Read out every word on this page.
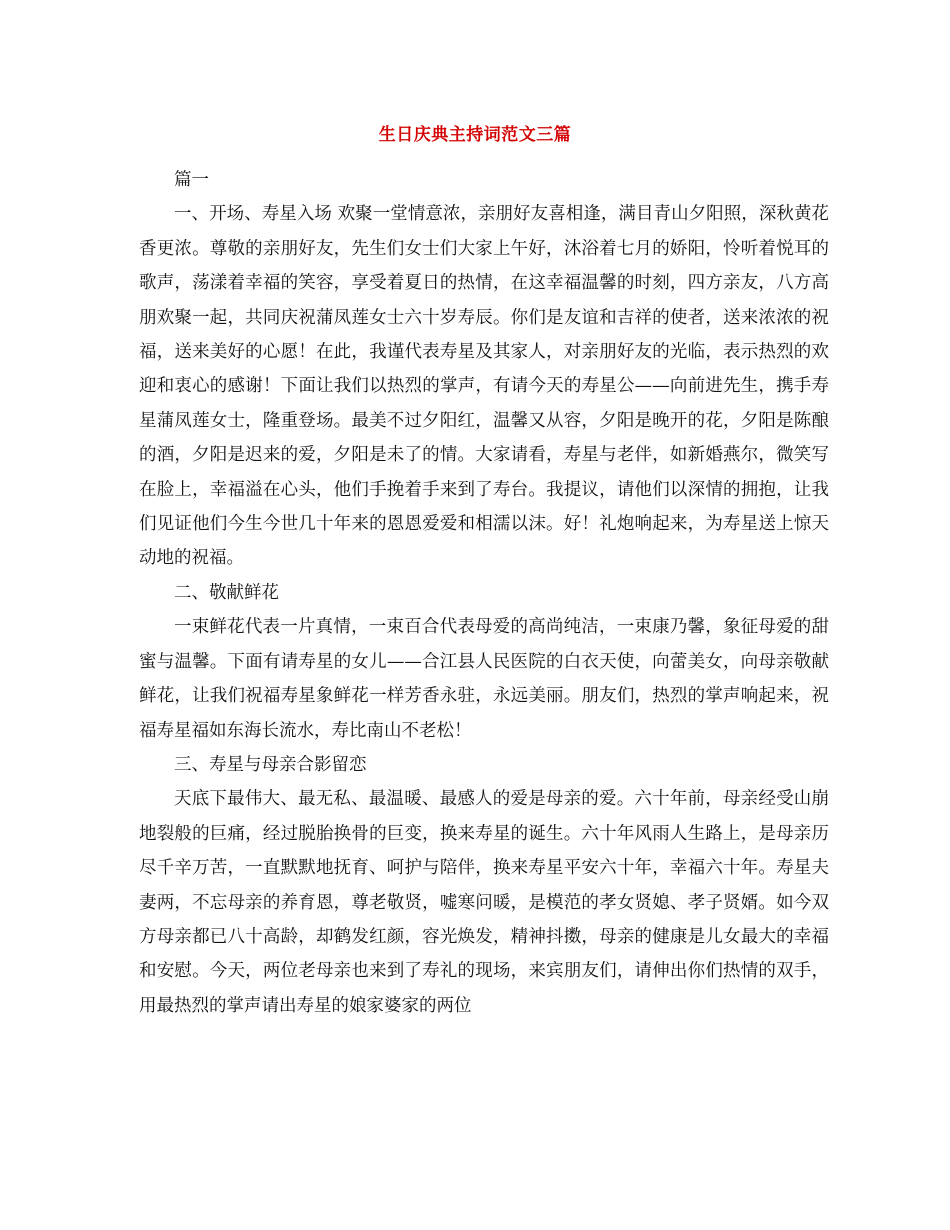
生日庆典主持词范文三篇

篇一

一、开场、寿星入场 欢聚一堂情意浓，亲朋好友喜相逢，满目青山夕阳照，深秋黄花香更浓。尊敬的亲朋好友，先生们女士们大家上午好，沐浴着七月的娇阳，怜听着悦耳的歌声，荡漾着幸福的笑容，享受着夏日的热情，在这幸福温馨的时刻，四方亲友，八方高朋欢聚一起，共同庆祝蒲凤莲女士六十岁寿辰。你们是友谊和吉祥的使者，送来浓浓的祝福，送来美好的心愿！在此，我谨代表寿星及其家人，对亲朋好友的光临，表示热烈的欢迎和衷心的感谢！下面让我们以热烈的掌声，有请今天的寿星公——向前进先生，携手寿星蒲凤莲女士，隆重登场。最美不过夕阳红，温馨又从容，夕阳是晚开的花，夕阳是陈酿的酒，夕阳是迟来的爱，夕阳是未了的情。大家请看，寿星与老伴，如新婚燕尔，微笑写在脸上，幸福溢在心头，他们手挽着手来到了寿台。我提议，请他们以深情的拥抱，让我们见证他们今生今世几十年来的恩恩爱爱和相濡以沫。好！礼炮响起来，为寿星送上惊天动地的祝福。

二、敬献鲜花

一束鲜花代表一片真情，一束百合代表母爱的高尚纯洁，一束康乃馨，象征母爱的甜蜜与温馨。下面有请寿星的女儿——合江县人民医院的白衣天使，向蕾美女，向母亲敬献鲜花，让我们祝福寿星象鲜花一样芳香永驻，永远美丽。朋友们，热烈的掌声响起来，祝福寿星福如东海长流水，寿比南山不老松！

三、寿星与母亲合影留恋

天底下最伟大、最无私、最温暖、最感人的爱是母亲的爱。六十年前，母亲经受山崩地裂般的巨痛，经过脱胎换骨的巨变，换来寿星的诞生。六十年风雨人生路上，是母亲历尽千辛万苦，一直默默地抚育、呵护与陪伴，换来寿星平安六十年，幸福六十年。寿星夫妻两，不忘母亲的养育恩，尊老敬贤，嘘寒问暖，是模范的孝女贤媳、孝子贤婿。如今双方母亲都已八十高龄，却鹤发红颜，容光焕发，精神抖擞，母亲的健康是儿女最大的幸福和安慰。今天，两位老母亲也来到了寿礼的现场，来宾朋友们，请伸出你们热情的双手，用最热烈的掌声请出寿星的娘家婆家的两位
